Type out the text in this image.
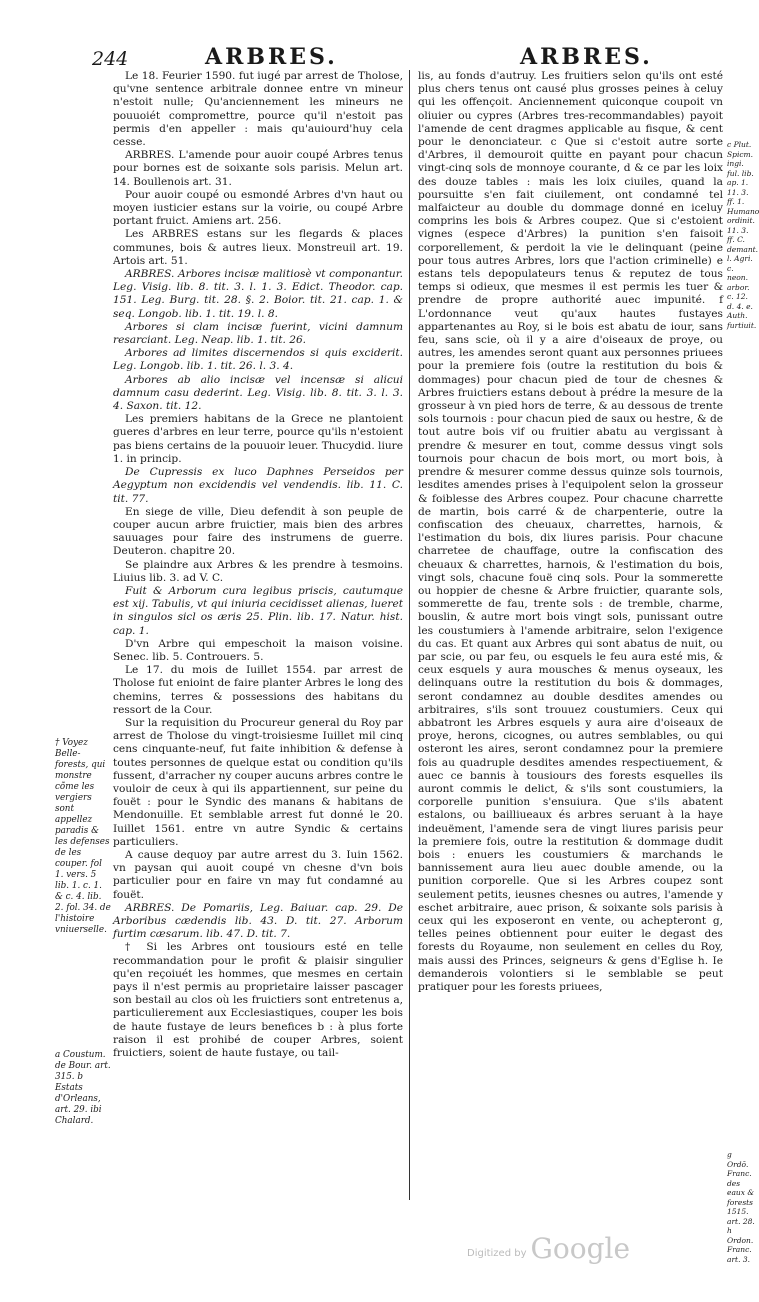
244	ARBRES.	ARBRES.

Le 18. Feurier 1590. fut iugé par arrest de Tholose, qu'vne sentence arbitrale donnee entre vn mineur n'estoit nulle; Qu'anciennement les mineurs ne pouuoiét compromettre, pource qu'il n'estoit pas permis d'en appeller : mais qu'auiourd'huy cela cesse.

ARBRES. L'amende pour auoir coupé Arbres tenus pour bornes est de soixante sols parisis. Melun art. 14. Boullenois art. 31.

Pour auoir coupé ou esmondé Arbres d'vn haut ou moyen iusticier estans sur la voirie, ou coupé Arbre portant fruict. Amiens art. 256.

Les ARBRES estans sur les flegards & places communes, bois & autres lieux. Monstreuil art. 19. Artois art. 51.

ARBRES. Arbores incisæ malitiosè vt componantur. Leg. Visig. lib. 8. tit. 3. l. 1. 3. Edict. Theodor. cap. 151. Leg. Burg. tit. 28. §. 2. Boior. tit. 21. cap. 1. & seq. Longob. lib. 1. tit. 19. l. 8.

Arbores si clam incisæ fuerint, vicini damnum resarciant. Leg. Neap. lib. 1. tit. 26.

Arbores ad limites discernendos si quis exciderit. Leg. Longob. lib. 1. tit. 26. l. 3. 4.

Arbores ab alio incisæ vel incensæ si alicui damnum casu dederint. Leg. Visig. lib. 8. tit. 3. l. 3. 4. Saxon. tit. 12.

Les premiers habitans de la Grece ne plantoient gueres d'arbres en leur terre, pource qu'ils n'estoient pas biens certains de la pouuoir leuer. Thucydid. liure 1. in princip.

De Cupressis ex luco Daphnes Perseidos per Aegyptum non excidendis vel vendendis. lib. 11. C. tit. 77.

En siege de ville, Dieu defendit à son peuple de couper aucun arbre fruictier, mais bien des arbres sauuages pour faire des instrumens de guerre. Deuteron. chapitre 20.

Se plaindre aux Arbres & les prendre à tesmoins. Liuius lib. 3. ad V. C.

Fuit & Arborum cura legibus priscis, cautumque est xij. Tabulis, vt qui iniuria cecidisset alienas, lueret in singulos sicl os æris 25. Plin. lib. 17. Natur. hist. cap. 1.

D'vn Arbre qui empeschoit la maison voisine. Senec. lib. 5. Controuers. 5.

Le 17. du mois de Iuillet 1554. par arrest de Tholose fut enioint de faire planter Arbres le long des chemins, terres & possessions des habitans du ressort de la Cour.

Sur la requisition du Procureur general du Roy par arrest de Tholose du vingt-troisiesme Iuillet mil cinq cens cinquante-neuf, fut faite inhibition & defense à toutes personnes de quelque estat ou condition qu'ils fussent, d'arracher ny couper aucuns arbres contre le vouloir de ceux à qui ils appartiennent, sur peine du fouët : pour le Syndic des manans & habitans de Mendonuille. Et semblable arrest fut donné le 20. Iuillet 1561. entre vn autre Syndic & certains particuliers.

A cause dequoy par autre arrest du 3. Iuin 1562. vn paysan qui auoit coupé vn chesne d'vn bois particulier pour en faire vn may fut condamné au fouët.

ARBRES. De Pomariis, Leg. Baiuar. cap. 29. De Arboribus cædendis lib. 43. D. tit. 27. Arborum furtim cæsarum. lib. 47. D. tit. 7.

† Si les Arbres ont tousiours esté en telle recommandation pour le profit & plaisir singulier qu'en reçoiuét les hommes, que mesmes en certain pays il n'est permis au proprietaire laisser pascager son bestail au clos où les fruictiers sont entretenus a, particulierement aux Ecclesiastiques, couper les bois de haute fustaye de leurs benefices b : à plus forte raison il est prohibé de couper Arbres, soient fruictiers, soient de haute fustaye, ou tail-

lis, au fonds d'autruy. Les fruitiers selon qu'ils ont esté plus chers tenus ont causé plus grosses peines à celuy qui les offençoit. Anciennement quiconque coupoit vn oliuier ou cypres (Arbres tres-recommandables) payoit l'amende de cent dragmes applicable au fisque, & cent pour le denonciateur. c Que si c'estoit autre sorte d'Arbres, il demouroit quitte en payant pour chacun vingt-cinq sols de monnoye courante, d & ce par les loix des douze tables : mais les loix ciuiles, quand la poursuitte s'en fait ciuilement, ont condamné tel malfaicteur au double du dommage donné en iceluy comprins les bois & Arbres coupez. Que si c'estoient vignes (espece d'Arbres) la punition s'en faisoit corporellement, & perdoit la vie le delinquant (peine pour tous autres Arbres, lors que l'action criminelle) e estans tels depopulateurs tenus & reputez de tous temps si odieux, que mesmes il est permis les tuer & prendre de propre authorité auec impunité. f L'ordonnance veut qu'aux hautes fustayes appartenantes au Roy, si le bois est abatu de iour, sans feu, sans scie, où il y a aire d'oiseaux de proye, ou autres, les amendes seront quant aux personnes priuees pour la premiere fois (outre la restitution du bois & dommages) pour chacun pied de tour de chesnes & Arbres fruictiers estans debout à prédre la mesure de la grosseur à vn pied hors de terre, & au dessous de trente sols tournois : pour chacun pied de saux ou hestre, & de tout autre bois vif ou fruitier abatu au vergissant à prendre & mesurer en tout, comme dessus vingt sols tournois pour chacun de bois mort, ou mort bois, à prendre & mesurer comme dessus quinze sols tournois, lesdites amendes prises à l'equipolent selon la grosseur & foiblesse des Arbres coupez. Pour chacune charrette de martin, bois carré & de charpenterie, outre la confiscation des cheuaux, charrettes, harnois, & l'estimation du bois, dix liures parisis. Pour chacune charretee de chauffage, outre la confiscation des cheuaux & charrettes, harnois, & l'estimation du bois, vingt sols, chacune fouë cinq sols. Pour la sommerette ou hoppier de chesne & Arbre fruictier, quarante sols, sommerette de fau, trente sols : de tremble, charme, bouslin, & autre mort bois vingt sols, punissant outre les coustumiers à l'amende arbitraire, selon l'exigence du cas. Et quant aux Arbres qui sont abatus de nuit, ou par scie, ou par feu, ou esquels le feu aura esté mis, & ceux esquels y aura mousches & menus oyseaux, les delinquans outre la restitution du bois & dommages, seront condamnez au double desdites amendes ou arbitraires, s'ils sont trouuez coustumiers. Ceux qui abbatront les Arbres esquels y aura aire d'oiseaux de proye, herons, cicognes, ou autres semblables, ou qui osteront les aires, seront condamnez pour la premiere fois au quadruple desdites amendes respectiuement, & auec ce bannis à tousiours des forests esquelles ils auront commis le delict, & s'ils sont coustumiers, la corporelle punition s'ensuiura. Que s'ils abatent estalons, ou bailliueaux és arbres seruant à la haye indeuëment, l'amende sera de vingt liures parisis peur la premiere fois, outre la restitution & dommage dudit bois : enuers les coustumiers & marchands le bannissement aura lieu auec double amende, ou la punition corporelle. Que si les Arbres coupez sont seulement petits, ieusnes chesnes ou autres, l'amende y eschet arbitraire, auec prison, & soixante sols parisis à ceux qui les exposeront en vente, ou achepteront g, telles peines obtiennent pour euiter le degast des forests du Royaume, non seulement en celles du Roy, mais aussi des Princes, seigneurs & gens d'Eglise h. Ie demanderois volontiers si le semblable se peut pratiquer pour les forests priuees,

† Voyez Belle-forests, qui monstre cõme les vergiers sont appellez paradis & les defenses de les couper. fol 1. vers. 5 lib. 1. c. 1. & c. 4. lib. 2. fol. 34. de l'histoire vniuerselle.
a Coustum. de Bour. art. 315. b Estats d'Orleans, art. 29. ibi Chalard.
c Plut. Spicm. ingi. ful. lib. ap. 1. 11. 3. ff. 1. Humano ordinit. 11. 3. ff. C. demant. l. Agri. c. neon. arbor. c. 12. d. 4. e. Auth. furtiuit.
g Ordō. Franc. des eaux & forests 1515. art. 28. h Ordon. Franc. art. 3.
Digitized by Google
